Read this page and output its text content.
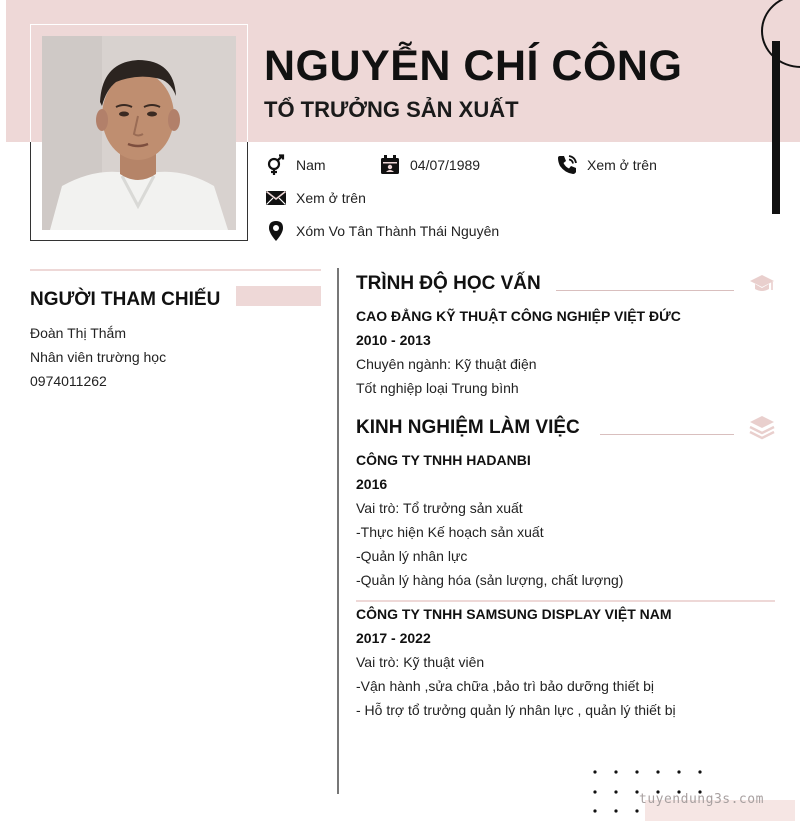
NGUYỄN CHÍ CÔNG
TỔ TRƯỞNG SẢN XUẤT
Nam	04/07/1989	Xem ở trên
Xem ở trên
Xóm Vo Tân Thành Thái Nguyên
NGƯỜI THAM CHIẾU
Đoàn Thị Thắm
Nhân viên trường học
0974011262
TRÌNH ĐỘ HỌC VẤN
CAO ĐẲNG KỸ THUẬT CÔNG NGHIỆP VIỆT ĐỨC
2010 - 2013
Chuyên ngành: Kỹ thuật điện
Tốt nghiệp loại Trung bình
KINH NGHIỆM LÀM VIỆC
CÔNG TY TNHH HADANBI
2016
Vai trò: Tổ trưởng sản xuất
-Thực hiện Kế hoạch sản xuất
-Quản lý nhân lực
-Quản lý hàng hóa (sản lượng, chất lượng)
CÔNG TY TNHH SAMSUNG DISPLAY VIỆT NAM
2017 - 2022
Vai trò: Kỹ thuật viên
-Vận hành ,sửa chữa ,bảo trì bảo dưỡng thiết bị
- Hỗ trợ tổ trưởng quản lý nhân lực , quản lý thiết bị
tuyendung3s.com
